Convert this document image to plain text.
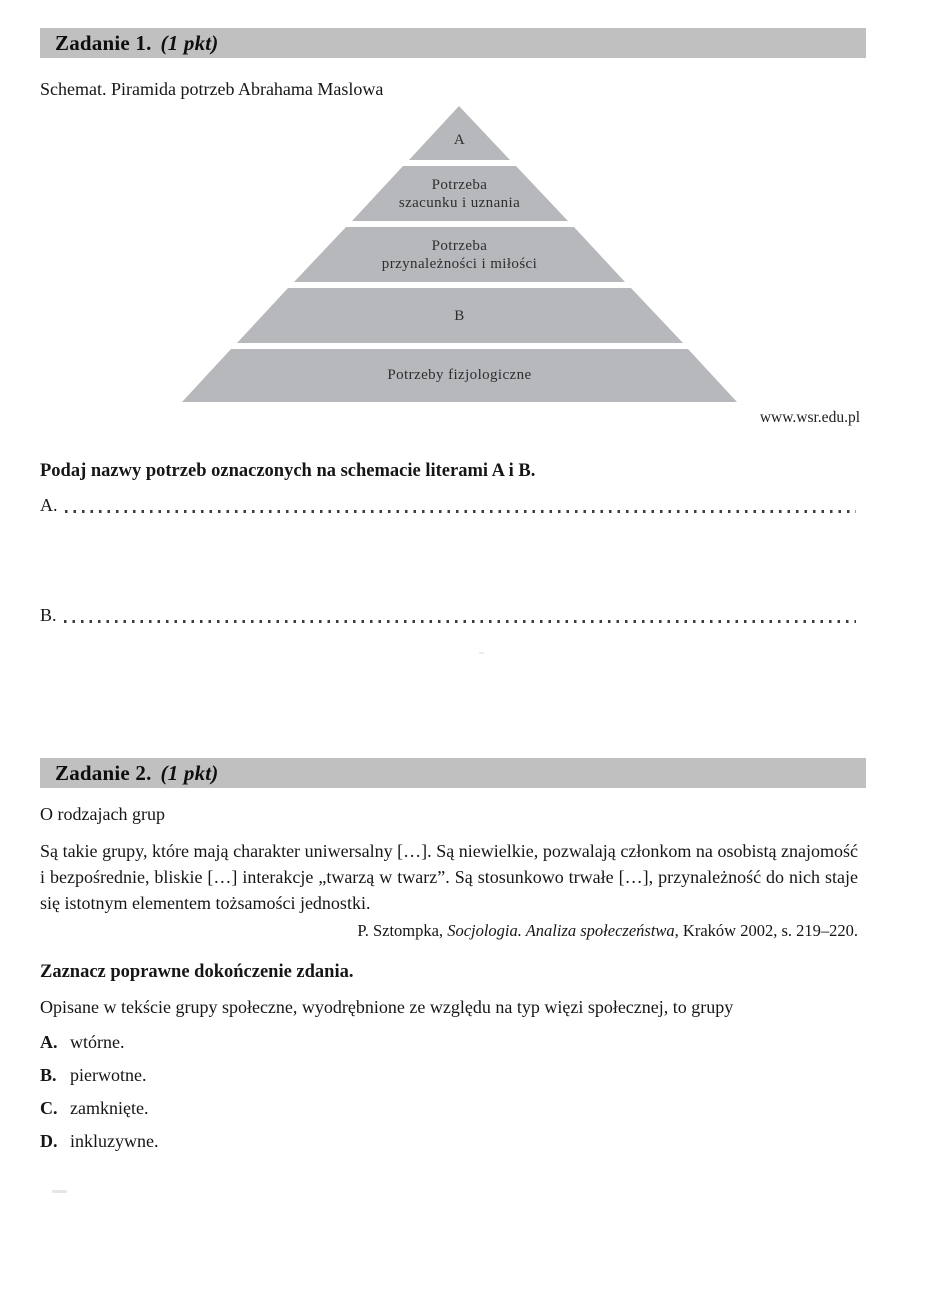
Zadanie 1. (1 pkt)
Schemat. Piramida potrzeb Abrahama Maslowa
A
Potrzeba
szacunku i uznania
Potrzeba
przynależności i miłości
B
Potrzeby fizjologiczne
www.wsr.edu.pl
Podaj nazwy potrzeb oznaczonych na schemacie literami A i B.
A.
B.
Zadanie 2. (1 pkt)
O rodzajach grup
Są takie grupy, które mają charakter uniwersalny […]. Są niewielkie, pozwalają członkom na osobistą znajomość i bezpośrednie, bliskie […] interakcje „twarzą w twarz”. Są stosunkowo trwałe […], przynależność do nich staje się istotnym elementem tożsamości jednostki.
P. Sztompka, Socjologia. Analiza społeczeństwa, Kraków 2002, s. 219–220.
Zaznacz poprawne dokończenie zdania.
Opisane w tekście grupy społeczne, wyodrębnione ze względu na typ więzi społecznej, to grupy
A. wtórne.
B. pierwotne.
C. zamknięte.
D. inkluzywne.
